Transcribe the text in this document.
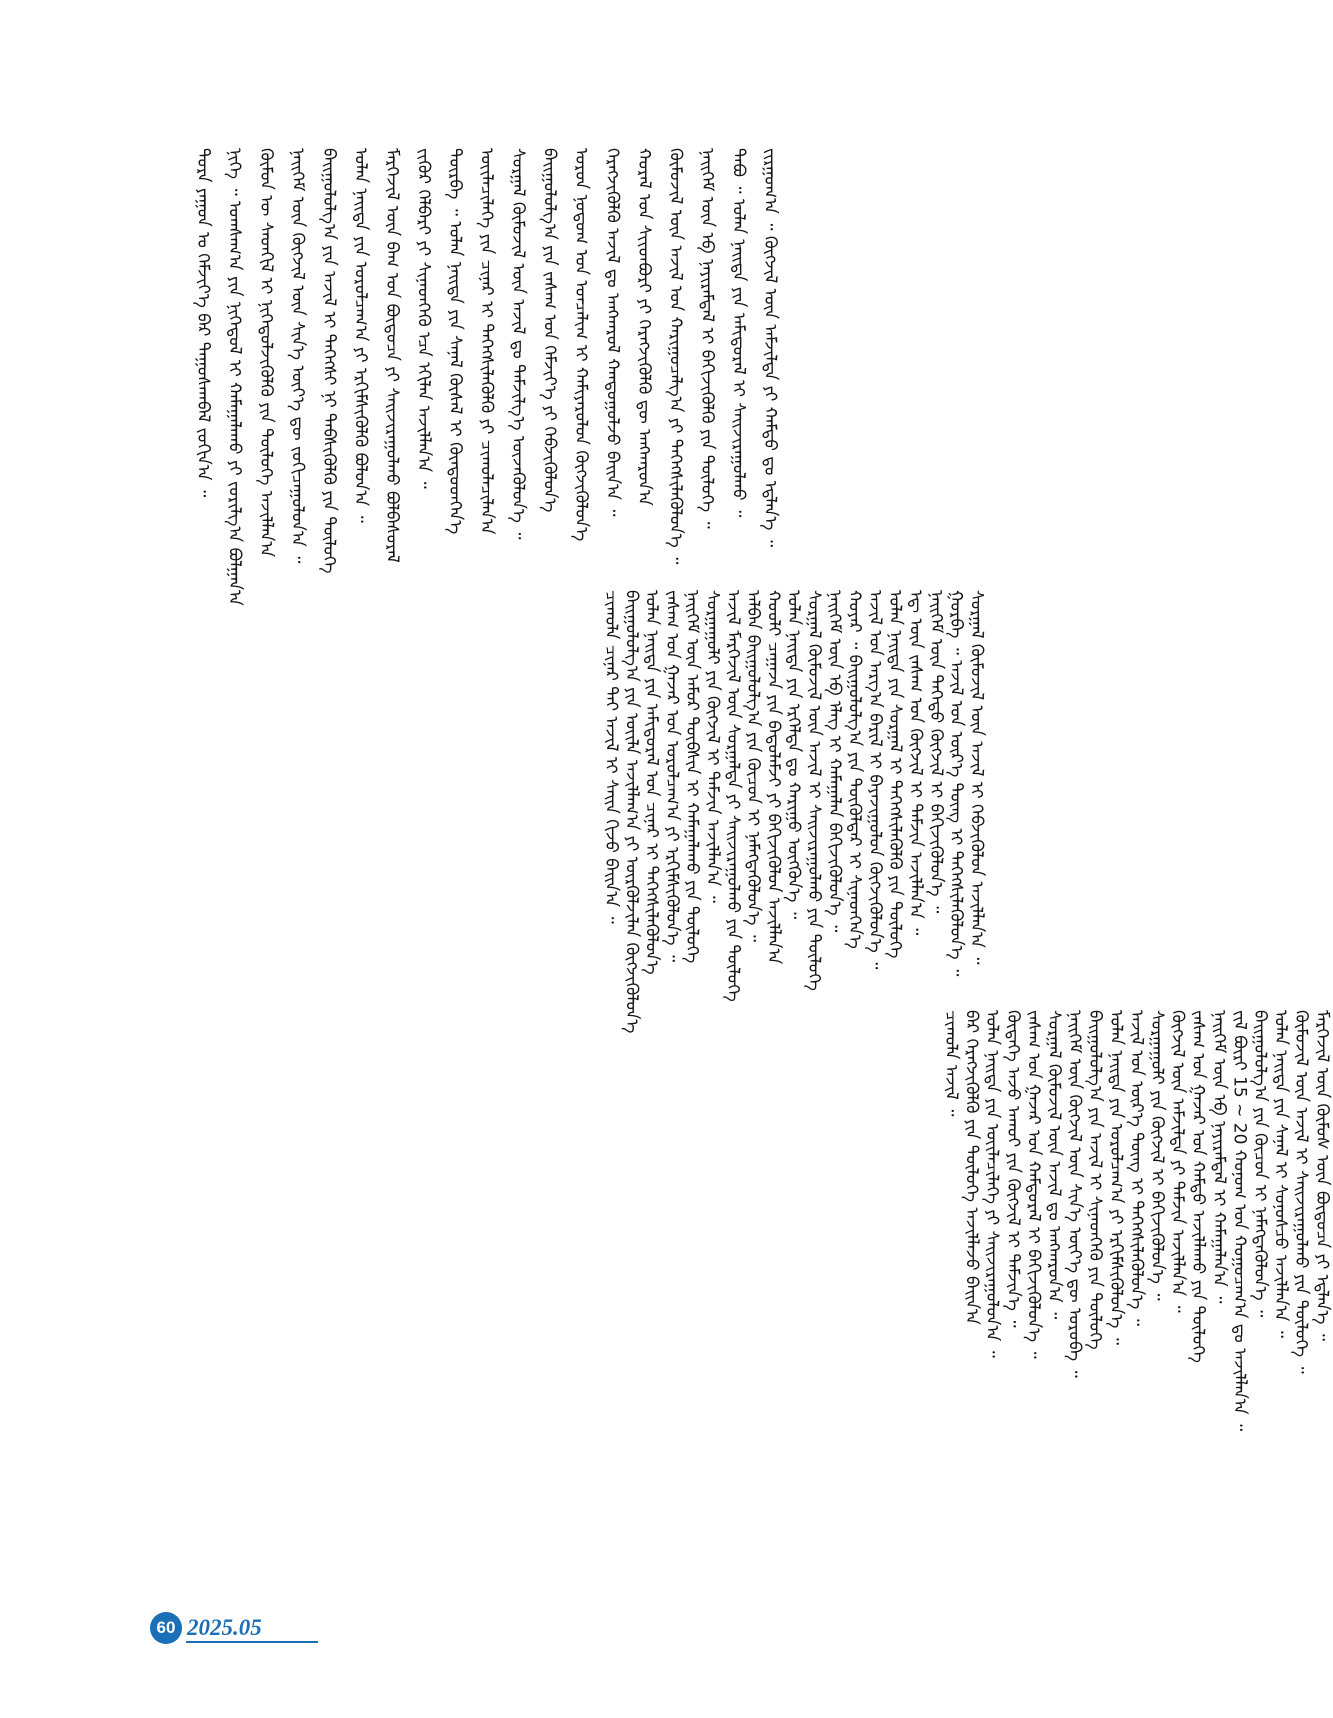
ᠳᠤᠷᠠ ᠶᠠᠭᠤᠨ ᠤ ᠬᠡᠮᠵᠢᠶ᠎ᠡ ᠪᠡᠷ ᠳᠠᠭᠤᠰᠬᠠᠪᠠᠯ ᠵᠣᠬᠢᠨ᠎ᠠ ᠃ ᠨᠢᠭᠡ ᠃ ᠤᠭᠰᠠᠭ᠎ᠠ ᠶᠢᠨ ᠨᠢᠭᠡᠳᠦᠯ ᠢ ᠬᠠᠮᠠᠭᠠᠯᠠᠬᠤ ᠶᠢ ᠵᠣᠷᠢᠯᠭ᠎ᠠ ᠪᠣᠯᠭᠠᠨ᠎ᠠ ᠬᠦᠮᠦᠨ ᠦ ᠰᠡᠳᠬᠢᠯ ᠢ ᠨᠢᠭᠡᠳᠦᠯᠵᠢᠭᠦᠯᠬᠦ ᠶᠢᠨ ᠲᠥᠯᠥᠭᠡ ᠠᠵᠢᠯᠯᠠᠨ᠎ᠠ ᠨᠡᠢᠭᠡᠮ ᠦᠨ ᠬᠥᠭᠵᠢᠯ ᠦᠨ ᠰᠢᠨ᠎ᠡ ᠦᠶ᠎ᠡ ᠳᠦ ᠵᠣᠬᠢᠴᠠᠭᠤᠯᠤᠨ᠎ᠠ ᠃ ᠪᠠᠢᠭᠤᠯᠤᠯᠭ᠎ᠠ ᠶᠢᠨ ᠠᠵᠢᠯ ᠢ ᠳᠡᠭᠡᠭᠰᠢ ᠨᠢ ᠳᠡᠪᠰᠢᠭᠦᠯᠬᠦ ᠶᠢᠨ ᠲᠥᠯᠥᠭᠡ ᠣᠯᠠᠨ ᠨᠡᠢᠲᠡ ᠶᠢᠨ ᠣᠷᠤᠯᠴᠠᠭ᠎ᠠ ᠶᠢ ᠡᠷᠬᠢᠮᠰᠢᠭᠦᠯᠬᠦ ᠪᠣᠯᠤᠨ᠎ᠠ ᠃ ᠮᠡᠷᠭᠡᠵᠢᠯ ᠦᠨ ᠪᠠᠭ ᠣᠨ ᠪᠦᠲᠦᠴᠡ ᠶᠢ ᠰᠠᠢᠵᠢᠷᠠᠭᠤᠯᠬᠤ ᠪᠣᠯᠪᠠᠰᠤᠷᠠᠯ ᠵᠢᠭᠦᠷ ᠬᠡᠯᠪᠡᠷᠢ ᠶᠢ ᠰᠢᠨᠡᠳᠬᠡᠬᠦ ᠡᠴᠡ ᠡᠬᠢᠯᠡᠨ ᠠᠵᠢᠯᠯᠠᠨ᠎ᠠ ᠃ ᠳᠦᠷᠪᠡ ᠃ ᠣᠯᠠᠨ ᠨᠡᠢᠲᠡ ᠶᠢᠨ ᠰᠠᠨᠠᠯ ᠬᠦᠰᠡᠯ ᠢ ᠬᠦᠨᠳᠦᠳᠬᠡᠨ᠎ᠡ ᠦᠢᠯᠡᠴᠢᠯᠡᠭᠡ ᠶᠢᠨ ᠴᠢᠨᠠᠷ ᠢ ᠳᠡᠭᠡᠭᠰᠢᠯᠡᠭᠦᠯᠬᠦ ᠶᠢ ᠴᠢᠬᠤᠯᠠᠴᠢᠯᠠᠨ᠎ᠠ ᠰᠤᠷᠭᠠᠯ ᠬᠦᠮᠦᠵᠢᠯ ᠦᠨ ᠠᠵᠢᠯ ᠳᠤ ᠳᠡᠮᠵᠢᠯᠭ᠎ᠡ ᠦᠵᠡᠭᠦᠯᠦᠨ᠎ᠡ ᠃ ᠪᠠᠢᠭᠤᠯᠤᠯᠭ᠎ᠠ ᠶᠢᠨ ᠵᠠᠰᠠᠭ ᠤᠨ ᠬᠡᠮᠵᠢᠶ᠎ᠡ ᠶᠢ ᠬᠡᠪᠵᠢᠭᠦᠯᠦᠨ᠎ᠡ ᠣᠷᠤᠨ ᠨᠤᠲᠤᠭ ᠤᠨ ᠣᠨᠴᠠᠯᠢᠭ ᠢ ᠬᠠᠮᠢᠶᠠᠷᠤᠯᠤᠨ ᠬᠥᠭᠵᠢᠭᠦᠯᠦᠨ᠎ᠡ ᠬᠡᠷᠡᠭᠵᠢᠭᠦᠯᠬᠦ ᠠᠵᠢᠯ ᠳᠤ ᠠᠩᠬᠠᠷᠤᠯ ᠬᠠᠨᠳᠤᠭᠤᠯᠵᠤ ᠪᠠᠢᠨ᠎ᠠ ᠃ ᠬᠤᠷᠠᠯ ᠤᠨ ᠰᠢᠢᠳᠪᠦᠷᠢ ᠶᠢ ᠬᠡᠷᠡᠭᠵᠢᠭᠦᠯᠬᠦ ᠳᠦ ᠠᠩᠬᠠᠷᠤᠨ᠎ᠠ ᠬᠦᠮᠦᠵᠢᠯ ᠦᠨ ᠠᠵᠢᠯ ᠤᠨ ᠬᠠᠷᠢᠭᠤᠴᠠᠯᠭ᠎ᠠ ᠶᠢ ᠳᠡᠭᠡᠭᠰᠢᠯᠡᠭᠦᠯᠦᠨ᠎ᠡ ᠃ ᠨᠡᠢᠭᠡᠮ ᠦᠨ ᠡᠪ ᠨᠠᠶᠢᠷᠠᠮᠳᠠᠯ ᠢ ᠪᠡᠬᠢᠵᠢᠭᠦᠯᠬᠦ ᠶᠢᠨ ᠲᠥᠯᠥᠭᠡ ᠃ ᠲᠠᠪᠤ ᠃ ᠣᠯᠠᠨ ᠨᠡᠢᠲᠡ ᠶᠢᠨ ᠠᠮᠢᠳᠤᠷᠠᠯ ᠢ ᠰᠠᠢᠵᠢᠷᠠᠭᠤᠯᠬᠤ ᠃ ᠵᠢᠷᠭᠤᠭ᠎ᠠ ᠃ ᠬᠥᠭᠵᠢᠯ ᠦᠨ ᠠᠮᠵᠢᠯᠲᠠ ᠶᠢ ᠬᠠᠮᠲᠤ ᠳᠤ ᠡᠳ᠋ᠯᠡᠨ᠎ᠡ ᠃
ᠴᠢᠬᠤᠯᠠ ᠴᠢᠨᠠᠷ ᠲᠠᠢ ᠠᠵᠢᠯ ᠢ ᠰᠠᠢᠨ ᠬᠢᠵᠦ ᠪᠠᠢᠨ᠎ᠠ ᠃ ᠪᠠᠢᠭᠤᠯᠤᠯᠭ᠎ᠠ ᠶᠢᠨ ᠦᠢᠯᠡ ᠠᠵᠢᠯᠯᠠᠭ᠎ᠠ ᠶᠢ ᠦᠷᠭᠦᠯᠵᠢᠯᠡᠨ ᠬᠥᠭᠵᠢᠭᠦᠯᠦᠨ᠎ᠡ ᠣᠯᠠᠨ ᠨᠡᠢᠲᠡ ᠶᠢᠨ ᠠᠮᠢᠳᠤᠷᠠᠯ ᠤᠨ ᠴᠢᠨᠠᠷ ᠢ ᠳᠡᠭᠡᠭᠰᠢᠯᠡᠭᠦᠯᠦᠨ᠎ᠡ ᠵᠠᠰᠠᠭ ᠤᠨ ᠭᠠᠵᠠᠷ ᠤᠨ ᠣᠷᠤᠯᠴᠠᠭ᠎ᠠ ᠶᠢ ᠡᠷᠬᠢᠮᠰᠢᠭᠦᠯᠦᠨ᠎ᠡ ᠃ ᠨᠡᠢᠭᠡᠮ ᠦᠨ ᠠᠮᠤᠷ ᠲᠦᠪᠰᠢᠨ ᠢ ᠬᠠᠮᠠᠭᠠᠯᠠᠬᠤ ᠶᠢᠨ ᠲᠥᠯᠥᠭᠡ ᠰᠤᠷᠭᠠᠭᠤᠯᠢ ᠶᠢᠨ ᠬᠥᠭᠵᠢᠯ ᠢ ᠳᠡᠮᠵᠢᠨ ᠠᠵᠢᠯᠯᠠᠨ᠎ᠠ ᠃ ᠠᠵᠢᠯ ᠮᠡᠷᠭᠡᠵᠢᠯ ᠦᠨ ᠰᠤᠷᠭᠠᠯᠲᠠ ᠶᠢ ᠰᠠᠢᠵᠢᠷᠠᠭᠤᠯᠬᠤ ᠶᠢᠨ ᠲᠥᠯᠥᠭᠡ ᠠᠯᠪᠠᠨ ᠪᠠᠢᠭᠤᠯᠤᠯᠭ᠎ᠠ ᠶᠢᠨ ᠬᠦᠴᠦᠨ ᠢ ᠨᠡᠮᠡᠭᠳᠡᠭᠦᠯᠦᠨ᠎ᠡ ᠃ ᠬᠤᠤᠯᠢ ᠴᠠᠭᠠᠵᠠ ᠶᠢᠨ ᠪᠠᠲᠤᠯᠠᠮᠵᠢ ᠶᠢ ᠪᠡᠬᠢᠵᠢᠭᠦᠯᠦᠨ ᠠᠵᠢᠯᠯᠠᠨ᠎ᠠ ᠣᠯᠠᠨ ᠨᠡᠢᠲᠡ ᠶᠢᠨ ᠡᠷᠭᠡᠯᠲᠡ ᠳᠤ ᠬᠠᠷᠢᠭᠤ ᠥᠭᠭᠦᠨ᠎ᠡ ᠃ ᠰᠤᠷᠭᠠᠯ ᠬᠦᠮᠦᠵᠢᠯ ᠦᠨ ᠠᠵᠢᠯ ᠢ ᠰᠠᠢᠵᠢᠷᠠᠭᠤᠯᠬᠤ ᠶᠢᠨ ᠲᠥᠯᠥᠭᠡ ᠨᠡᠢᠭᠡᠮ ᠦᠨ ᠡᠪ ᠡᠯᠡᠭ ᠢ ᠬᠠᠮᠠᠭᠠᠯᠠᠨ ᠪᠡᠬᠢᠵᠢᠭᠦᠯᠦᠨ᠎ᠡ ᠃ ᠬᠣᠶᠠᠷ ᠃ ᠪᠠᠢᠭᠤᠯᠤᠯᠭ᠎ᠠ ᠶᠢᠨ ᠲᠥᠭᠦᠯᠳᠡᠷ ᠢ ᠰᠢᠨᠡᠳᠬᠡᠨ᠎ᠡ ᠠᠵᠢᠯ ᠤᠨ ᠠᠷᠭ᠎ᠠ ᠪᠠᠷᠢᠯ ᠢ ᠪᠠᠶᠠᠵᠢᠭᠤᠯᠤᠨ ᠬᠥᠭᠵᠢᠭᠦᠯᠦᠨ᠎ᠡ ᠃ ᠣᠯᠠᠨ ᠨᠡᠢᠲᠡ ᠶᠢᠨ ᠰᠤᠷᠭᠠᠯ ᠢ ᠳᠡᠭᠡᠭᠰᠢᠯᠡᠭᠦᠯᠬᠦ ᠶᠢᠨ ᠲᠥᠯᠥᠭᠡ ᠡᠳ᠋ ᠦᠨ ᠵᠠᠰᠠᠭ ᠤᠨ ᠬᠥᠭᠵᠢᠯ ᠢ ᠳᠡᠮᠵᠢᠨ ᠠᠵᠢᠯᠯᠠᠨ᠎ᠠ ᠃ ᠨᠡᠢᠭᠡᠮ ᠦᠨ ᠳᠡᠭᠡᠳᠦ ᠬᠥᠭᠵᠢᠯ ᠢ ᠪᠡᠬᠢᠵᠢᠭᠦᠯᠦᠨ᠎ᠡ ᠃ ᠭᠤᠷᠪᠠ ᠃ ᠠᠵᠢᠯ ᠤᠨ ᠦᠷ᠎ᠡ ᠳᠦᠩ ᠢ ᠳᠡᠭᠡᠭᠰᠢᠯᠡᠭᠦᠯᠦᠨ᠎ᠡ ᠃ ᠰᠤᠷᠭᠠᠯ ᠬᠦᠮᠦᠵᠢᠯ ᠦᠨ ᠠᠵᠢᠯ ᠢ ᠬᠡᠪᠵᠢᠭᠦᠯᠦᠨ ᠠᠵᠢᠯᠯᠠᠨ᠎ᠠ ᠃
ᠴᠢᠬᠤᠯᠠ ᠠᠵᠢᠯ ᠃ ᠪᠡᠷ ᠬᠡᠷᠡᠭᠵᠢᠭᠦᠯᠬᠦ ᠶᠢᠨ ᠲᠥᠯᠥᠭᠡ ᠠᠵᠢᠯᠯᠠᠵᠤ ᠪᠠᠢᠨ᠎ᠠ ᠣᠯᠠᠨ ᠨᠡᠢᠲᠡ ᠶᠢᠨ ᠦᠢᠯᠡᠴᠢᠯᠡᠭᠡ ᠶᠢ ᠰᠠᠢᠵᠢᠷᠠᠭᠤᠯᠤᠨ᠎ᠠ ᠃ ᠬᠥᠳᠡᠭᠡ ᠠᠵᠤ ᠠᠬᠤᠢ ᠶᠢᠨ ᠬᠥᠭᠵᠢᠯ ᠢ ᠳᠡᠮᠵᠢᠨ᠎ᠡ ᠃ ᠵᠠᠰᠠᠭ ᠤᠨ ᠭᠠᠵᠠᠷ ᠤᠨ ᠬᠠᠮᠲᠤᠷᠠᠯ ᠢ ᠪᠡᠬᠢᠵᠢᠭᠦᠯᠦᠨ᠎ᠡ ᠃ ᠰᠤᠷᠭᠠᠯ ᠬᠦᠮᠦᠵᠢᠯ ᠦᠨ ᠠᠵᠢᠯ ᠳᠤ ᠠᠩᠬᠠᠷᠤᠨ᠎ᠠ ᠃ ᠨᠡᠢᠭᠡᠮ ᠦᠨ ᠬᠥᠭᠵᠢᠯ ᠦᠨ ᠰᠢᠨ᠎ᠡ ᠦᠶ᠎ᠡ ᠳᠦ ᠣᠷᠤᠪᠠ ᠃ ᠪᠠᠢᠭᠤᠯᠤᠯᠭ᠎ᠠ ᠶᠢᠨ ᠠᠵᠢᠯ ᠢ ᠰᠢᠨᠡᠳᠬᠡᠬᠦ ᠶᠢᠨ ᠲᠥᠯᠥᠭᠡ ᠣᠯᠠᠨ ᠨᠡᠢᠲᠡ ᠶᠢᠨ ᠣᠷᠤᠯᠴᠠᠭ᠎ᠠ ᠶᠢ ᠡᠷᠬᠢᠮᠰᠢᠭᠦᠯᠦᠨ᠎ᠡ ᠃ ᠠᠵᠢᠯ ᠤᠨ ᠦᠷ᠎ᠡ ᠳᠦᠩ ᠢ ᠳᠡᠭᠡᠭᠰᠢᠯᠡᠭᠦᠯᠦᠨ᠎ᠡ ᠃ ᠰᠤᠷᠭᠠᠭᠤᠯᠢ ᠶᠢᠨ ᠬᠥᠭᠵᠢᠯ ᠢ ᠪᠡᠬᠢᠵᠢᠭᠦᠯᠦᠨ᠎ᠡ ᠃ ᠬᠥᠭᠵᠢᠯ ᠦᠨ ᠠᠮᠵᠢᠯᠲᠠ ᠶᠢ ᠳᠡᠮᠵᠢᠨ ᠠᠵᠢᠯᠯᠠᠨ᠎ᠠ ᠃ ᠵᠠᠰᠠᠭ ᠤᠨ ᠭᠠᠵᠠᠷ ᠤᠨ ᠬᠠᠮᠲᠤ ᠠᠵᠢᠯᠯᠠᠬᠤ ᠶᠢᠨ ᠲᠥᠯᠥᠭᠡ ᠨᠡᠢᠭᠡᠮ ᠦᠨ ᠡᠪ ᠨᠠᠶᠢᠷᠠᠮᠳᠠᠯ ᠢ ᠬᠠᠮᠠᠭᠠᠯᠠᠨ᠎ᠠ ᠃ ᠵᠢᠯ ᠪᠦᠷᠢ 15 ~ 20 ᠬᠤᠨᠤᠭ ᠤᠨ ᠬᠤᠭᠤᠴᠠᠭ᠎ᠠ ᠳᠤ ᠠᠵᠢᠯᠯᠠᠨ᠎ᠠ ᠃ ᠪᠠᠢᠭᠤᠯᠤᠯᠭ᠎ᠠ ᠶᠢᠨ ᠬᠦᠴᠦᠨ ᠢ ᠨᠡᠮᠡᠭᠳᠡᠭᠦᠯᠦᠨ᠎ᠡ ᠃ ᠣᠯᠠᠨ ᠨᠡᠢᠲᠡ ᠶᠢᠨ ᠰᠠᠨᠠᠯ ᠢ ᠰᠣᠨᠤᠰᠴᠤ ᠠᠵᠢᠯᠯᠠᠨ᠎ᠠ ᠃ ᠬᠦᠮᠦᠵᠢᠯ ᠦᠨ ᠠᠵᠢᠯ ᠢ ᠰᠠᠢᠵᠢᠷᠠᠭᠤᠯᠬᠤ ᠶᠢᠨ ᠲᠥᠯᠥᠭᠡ ᠃ ᠮᠡᠷᠭᠡᠵᠢᠯ ᠦᠨ ᠬᠦᠮᠦᠰ ᠦᠨ ᠪᠦᠲᠦᠴᠡ ᠶᠢ ᠡᠳ᠋ᠯᠡᠨ᠎ᠡ ᠃
60 2025.05
